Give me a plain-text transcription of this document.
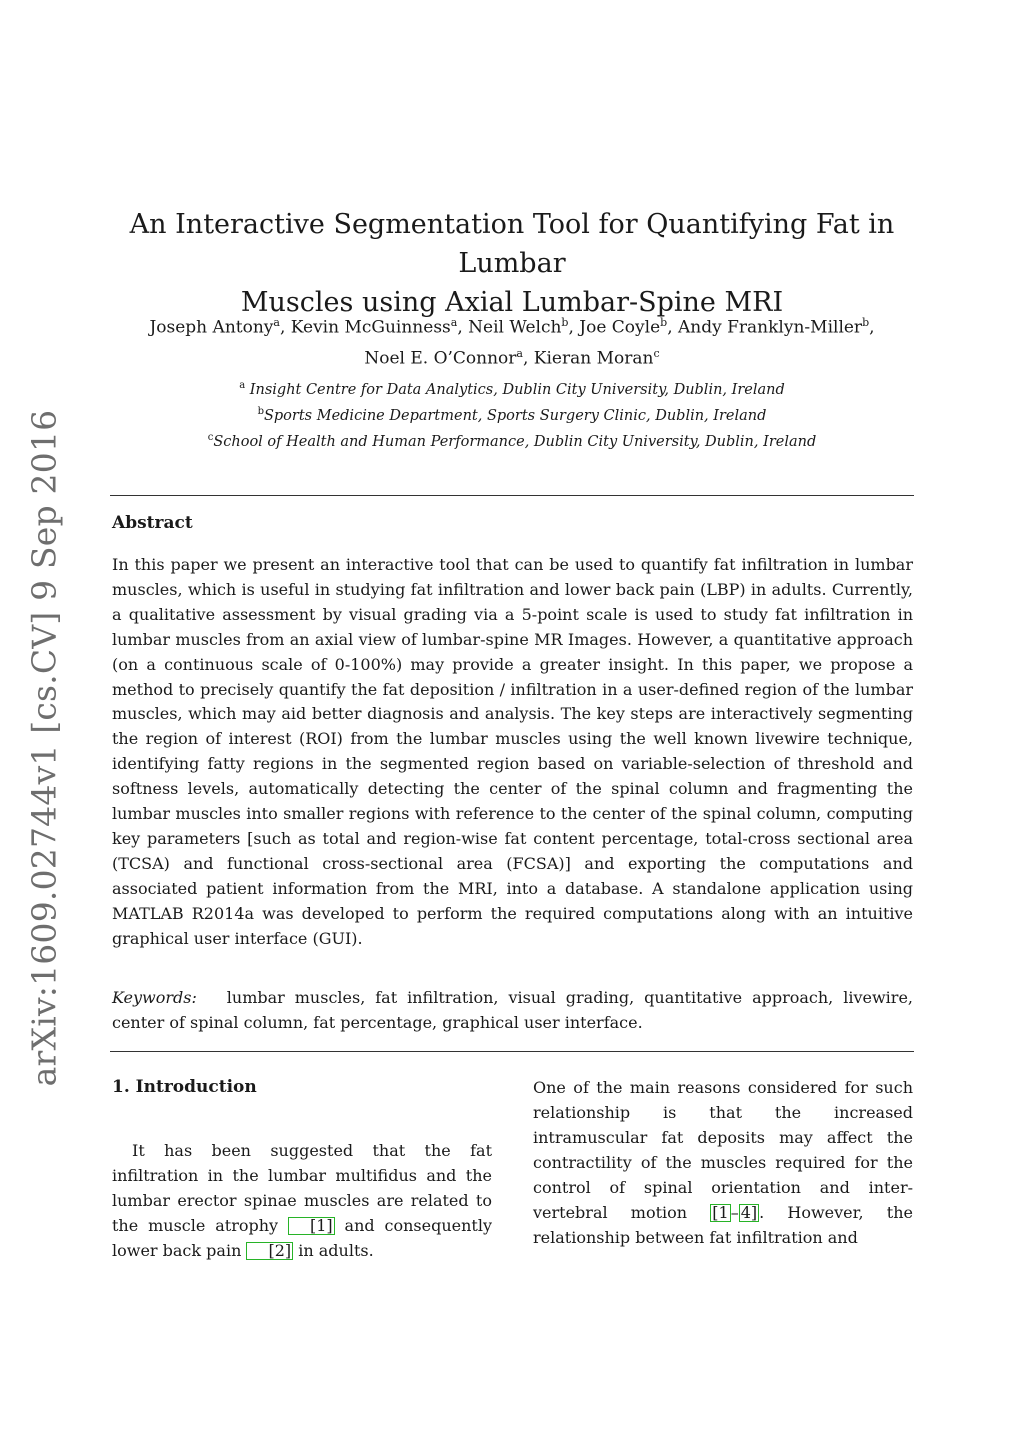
arXiv:1609.02744v1 [cs.CV] 9 Sep 2016
An Interactive Segmentation Tool for Quantifying Fat in Lumbar
Muscles using Axial Lumbar-Spine MRI
Joseph Antony$^a$, Kevin McGuinness$^a$, Neil Welch$^b$, Joe Coyle$^b$, Andy Franklyn-Miller$^b$,
Noel E. O’Connor$^a$, Kieran Moran$^c$
$^a$ Insight Centre for Data Analytics, Dublin City University, Dublin, Ireland
$^b$Sports Medicine Department, Sports Surgery Clinic, Dublin, Ireland
$^c$School of Health and Human Performance, Dublin City University, Dublin, Ireland
Abstract

In this paper we present an interactive tool that can be used to quantify fat infiltration in lumbar muscles, which is useful in studying fat infiltration and lower back pain (LBP) in adults. Currently, a qualitative assessment by visual grading via a 5-point scale is used to study fat infiltration in lumbar muscles from an axial view of lumbar-spine MR Images. However, a quantitative approach (on a continuous scale of 0-100%) may provide a greater insight. In this paper, we propose a method to precisely quantify the fat deposition / infiltration in a user-defined region of the lumbar muscles, which may aid better diagnosis and analysis. The key steps are interactively segmenting the region of interest (ROI) from the lumbar muscles using the well known livewire technique, identifying fatty regions in the segmented region based on variable-selection of threshold and softness levels, automatically detecting the center of the spinal column and fragmenting the lumbar muscles into smaller regions with reference to the center of the spinal column, computing key parameters [such as total and region-wise fat content percentage, total-cross sectional area (TCSA) and functional cross-sectional area (FCSA)] and exporting the computations and associated patient information from the MRI, into a database. A standalone application using MATLAB R2014a was developed to perform the required computations along with an intuitive graphical user interface (GUI).

Keywords: lumbar muscles, fat infiltration, visual grading, quantitative approach, livewire, center of spinal column, fat percentage, graphical user interface.

1. Introduction

It has been suggested that the fat infiltration in the lumbar multifidus and the lumbar erector spinae muscles are related to the muscle atrophy [1] and consequently lower back pain [2] in adults.

One of the main reasons considered for such relationship is that the increased intramuscular fat deposits may affect the contractility of the muscles required for the control of spinal orientation and inter-vertebral motion [1 – 4] . However, the relationship between fat infiltration and
